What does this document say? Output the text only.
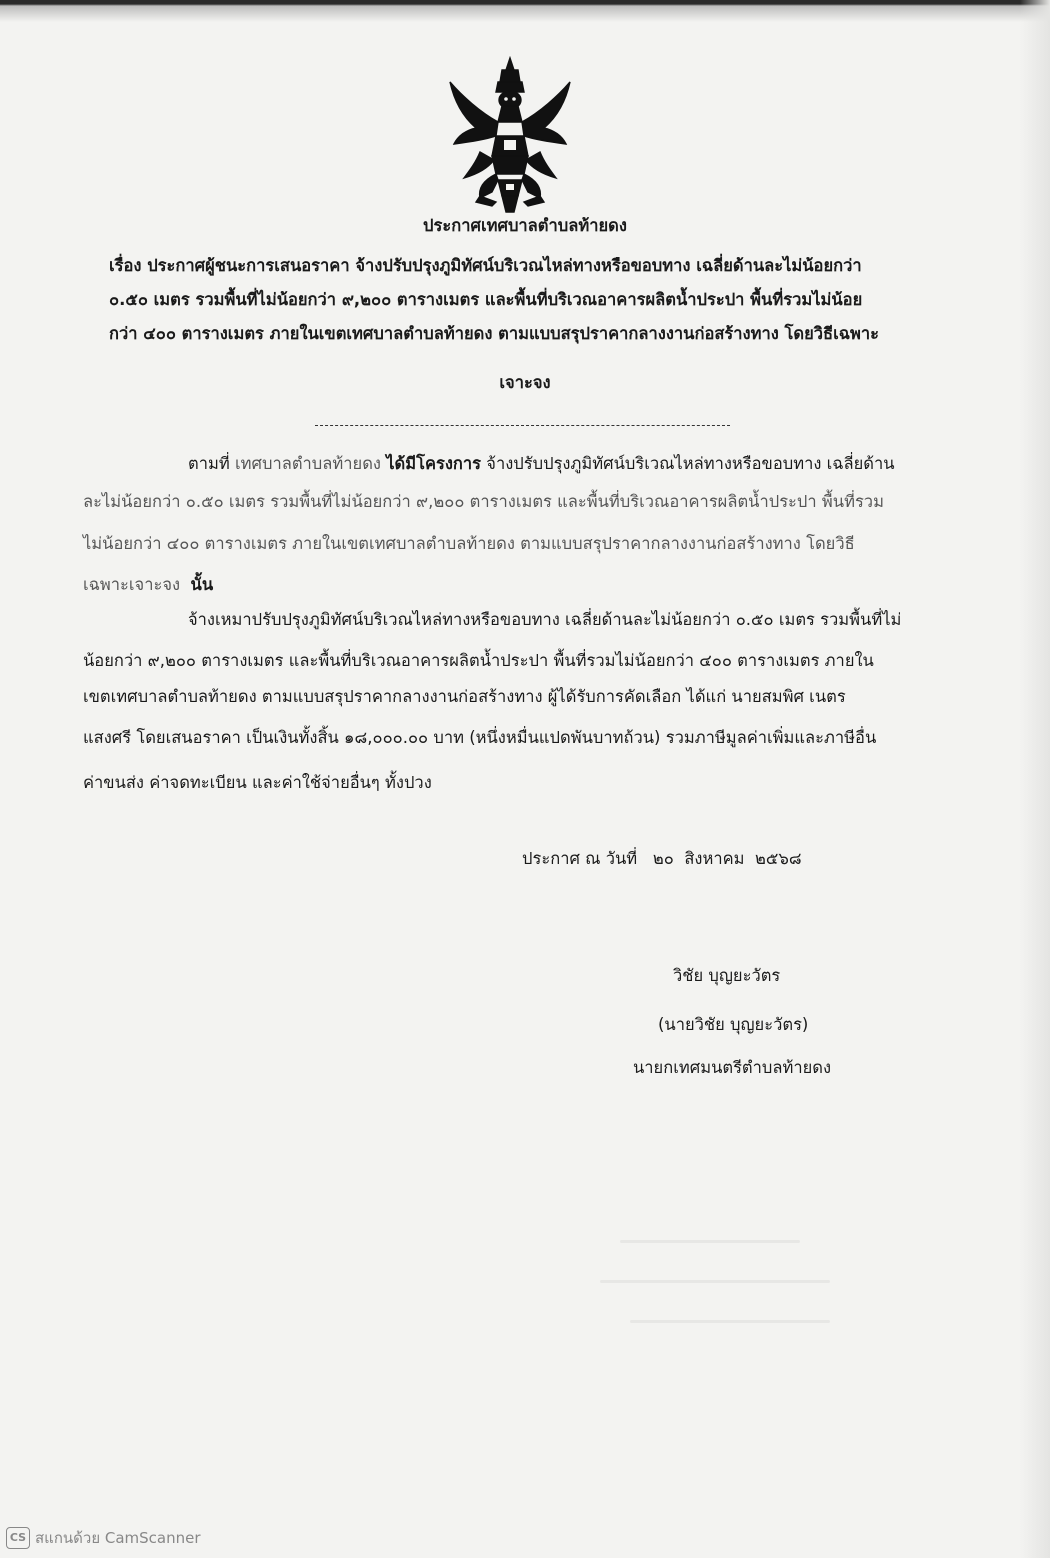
ประกาศเทศบาลตำบลท้ายดง
เรื่อง ประกาศผู้ชนะการเสนอราคา จ้างปรับปรุงภูมิทัศน์บริเวณไหล่ทางหรือขอบทาง เฉลี่ยด้านละไม่น้อยกว่า
๐.๕๐ เมตร รวมพื้นที่ไม่น้อยกว่า ๙,๒๐๐ ตารางเมตร และพื้นที่บริเวณอาคารผลิตน้ำประปา พื้นที่รวมไม่น้อย
กว่า ๔๐๐ ตารางเมตร ภายในเขตเทศบาลตำบลท้ายดง ตามแบบสรุปราคากลางงานก่อสร้างทาง โดยวิธีเฉพาะ
เจาะจง
ตามที่ เทศบาลตำบลท้ายดง ได้มีโครงการ จ้างปรับปรุงภูมิทัศน์บริเวณไหล่ทางหรือขอบทาง เฉลี่ยด้าน
ละไม่น้อยกว่า ๐.๕๐ เมตร รวมพื้นที่ไม่น้อยกว่า ๙,๒๐๐ ตารางเมตร และพื้นที่บริเวณอาคารผลิตน้ำประปา พื้นที่รวม
ไม่น้อยกว่า ๔๐๐ ตารางเมตร ภายในเขตเทศบาลตำบลท้ายดง ตามแบบสรุปราคากลางงานก่อสร้างทาง โดยวิธี
เฉพาะเจาะจง นั้น
จ้างเหมาปรับปรุงภูมิทัศน์บริเวณไหล่ทางหรือขอบทาง เฉลี่ยด้านละไม่น้อยกว่า ๐.๕๐ เมตร รวมพื้นที่ไม่
น้อยกว่า ๙,๒๐๐ ตารางเมตร และพื้นที่บริเวณอาคารผลิตน้ำประปา พื้นที่รวมไม่น้อยกว่า ๔๐๐ ตารางเมตร ภายใน
เขตเทศบาลตำบลท้ายดง ตามแบบสรุปราคากลางงานก่อสร้างทาง ผู้ได้รับการคัดเลือก ได้แก่ นายสมพิศ เนตร
แสงศรี โดยเสนอราคา เป็นเงินทั้งสิ้น ๑๘,๐๐๐.๐๐ บาท (หนึ่งหมื่นแปดพันบาทถ้วน) รวมภาษีมูลค่าเพิ่มและภาษีอื่น
ค่าขนส่ง ค่าจดทะเบียน และค่าใช้จ่ายอื่นๆ ทั้งปวง
ประกาศ ณ วันที่   ๒๐  สิงหาคม  ๒๕๖๘
วิชัย บุญยะวัตร
(นายวิชัย บุญยะวัตร)
นายกเทศมนตรีตำบลท้ายดง
CS สแกนด้วย CamScanner
